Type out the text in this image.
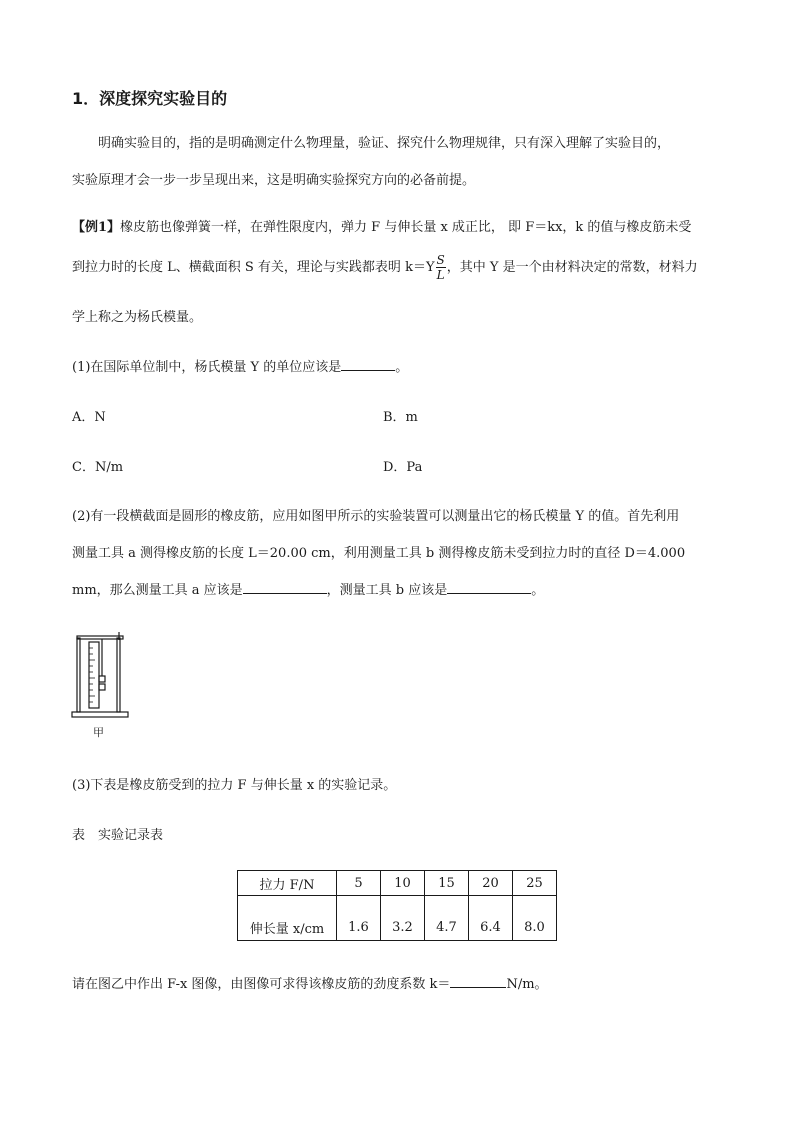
1．深度探究实验目的
明确实验目的，指的是明确测定什么物理量，验证、探究什么物理规律，只有深入理解了实验目的，
实验原理才会一步一步呈现出来，这是明确实验探究方向的必备前提。
【例1】橡皮筋也像弹簧一样，在弹性限度内，弹力 F 与伸长量 x 成正比， 即 F＝kx，k 的值与橡皮筋未受
到拉力时的长度 L、横截面积 S 有关，理论与实践都表明 $k=Y \frac{S}{L}$ ，其中 Y 是一个由材料决定的常数，材料力
学上称之为杨氏模量。
(1)在国际单位制中，杨氏模量 Y 的单位应该是	。
A．N	B．m
C．N/m	D．Pa
(2)有一段横截面是圆形的橡皮筋，应用如图甲所示的实验装置可以测量出它的杨氏模量 Y 的值。首先利用
测量工具 a 测得橡皮筋的长度 L＝20.00 cm，利用测量工具 b 测得橡皮筋未受到拉力时的直径 D＝4.000
mm，那么测量工具 a 应该是	，测量工具 b 应该是	。
甲
(3)下表是橡皮筋受到的拉力 F 与伸长量 x 的实验记录。
表　实验记录表
拉力 F/N	5	10	15	20	25
伸长量 x/cm	1.6	3.2	4.7	6.4	8.0
请在图乙中作出 F-x 图像，由图像可求得该橡皮筋的劲度系数 k＝	N/m。
